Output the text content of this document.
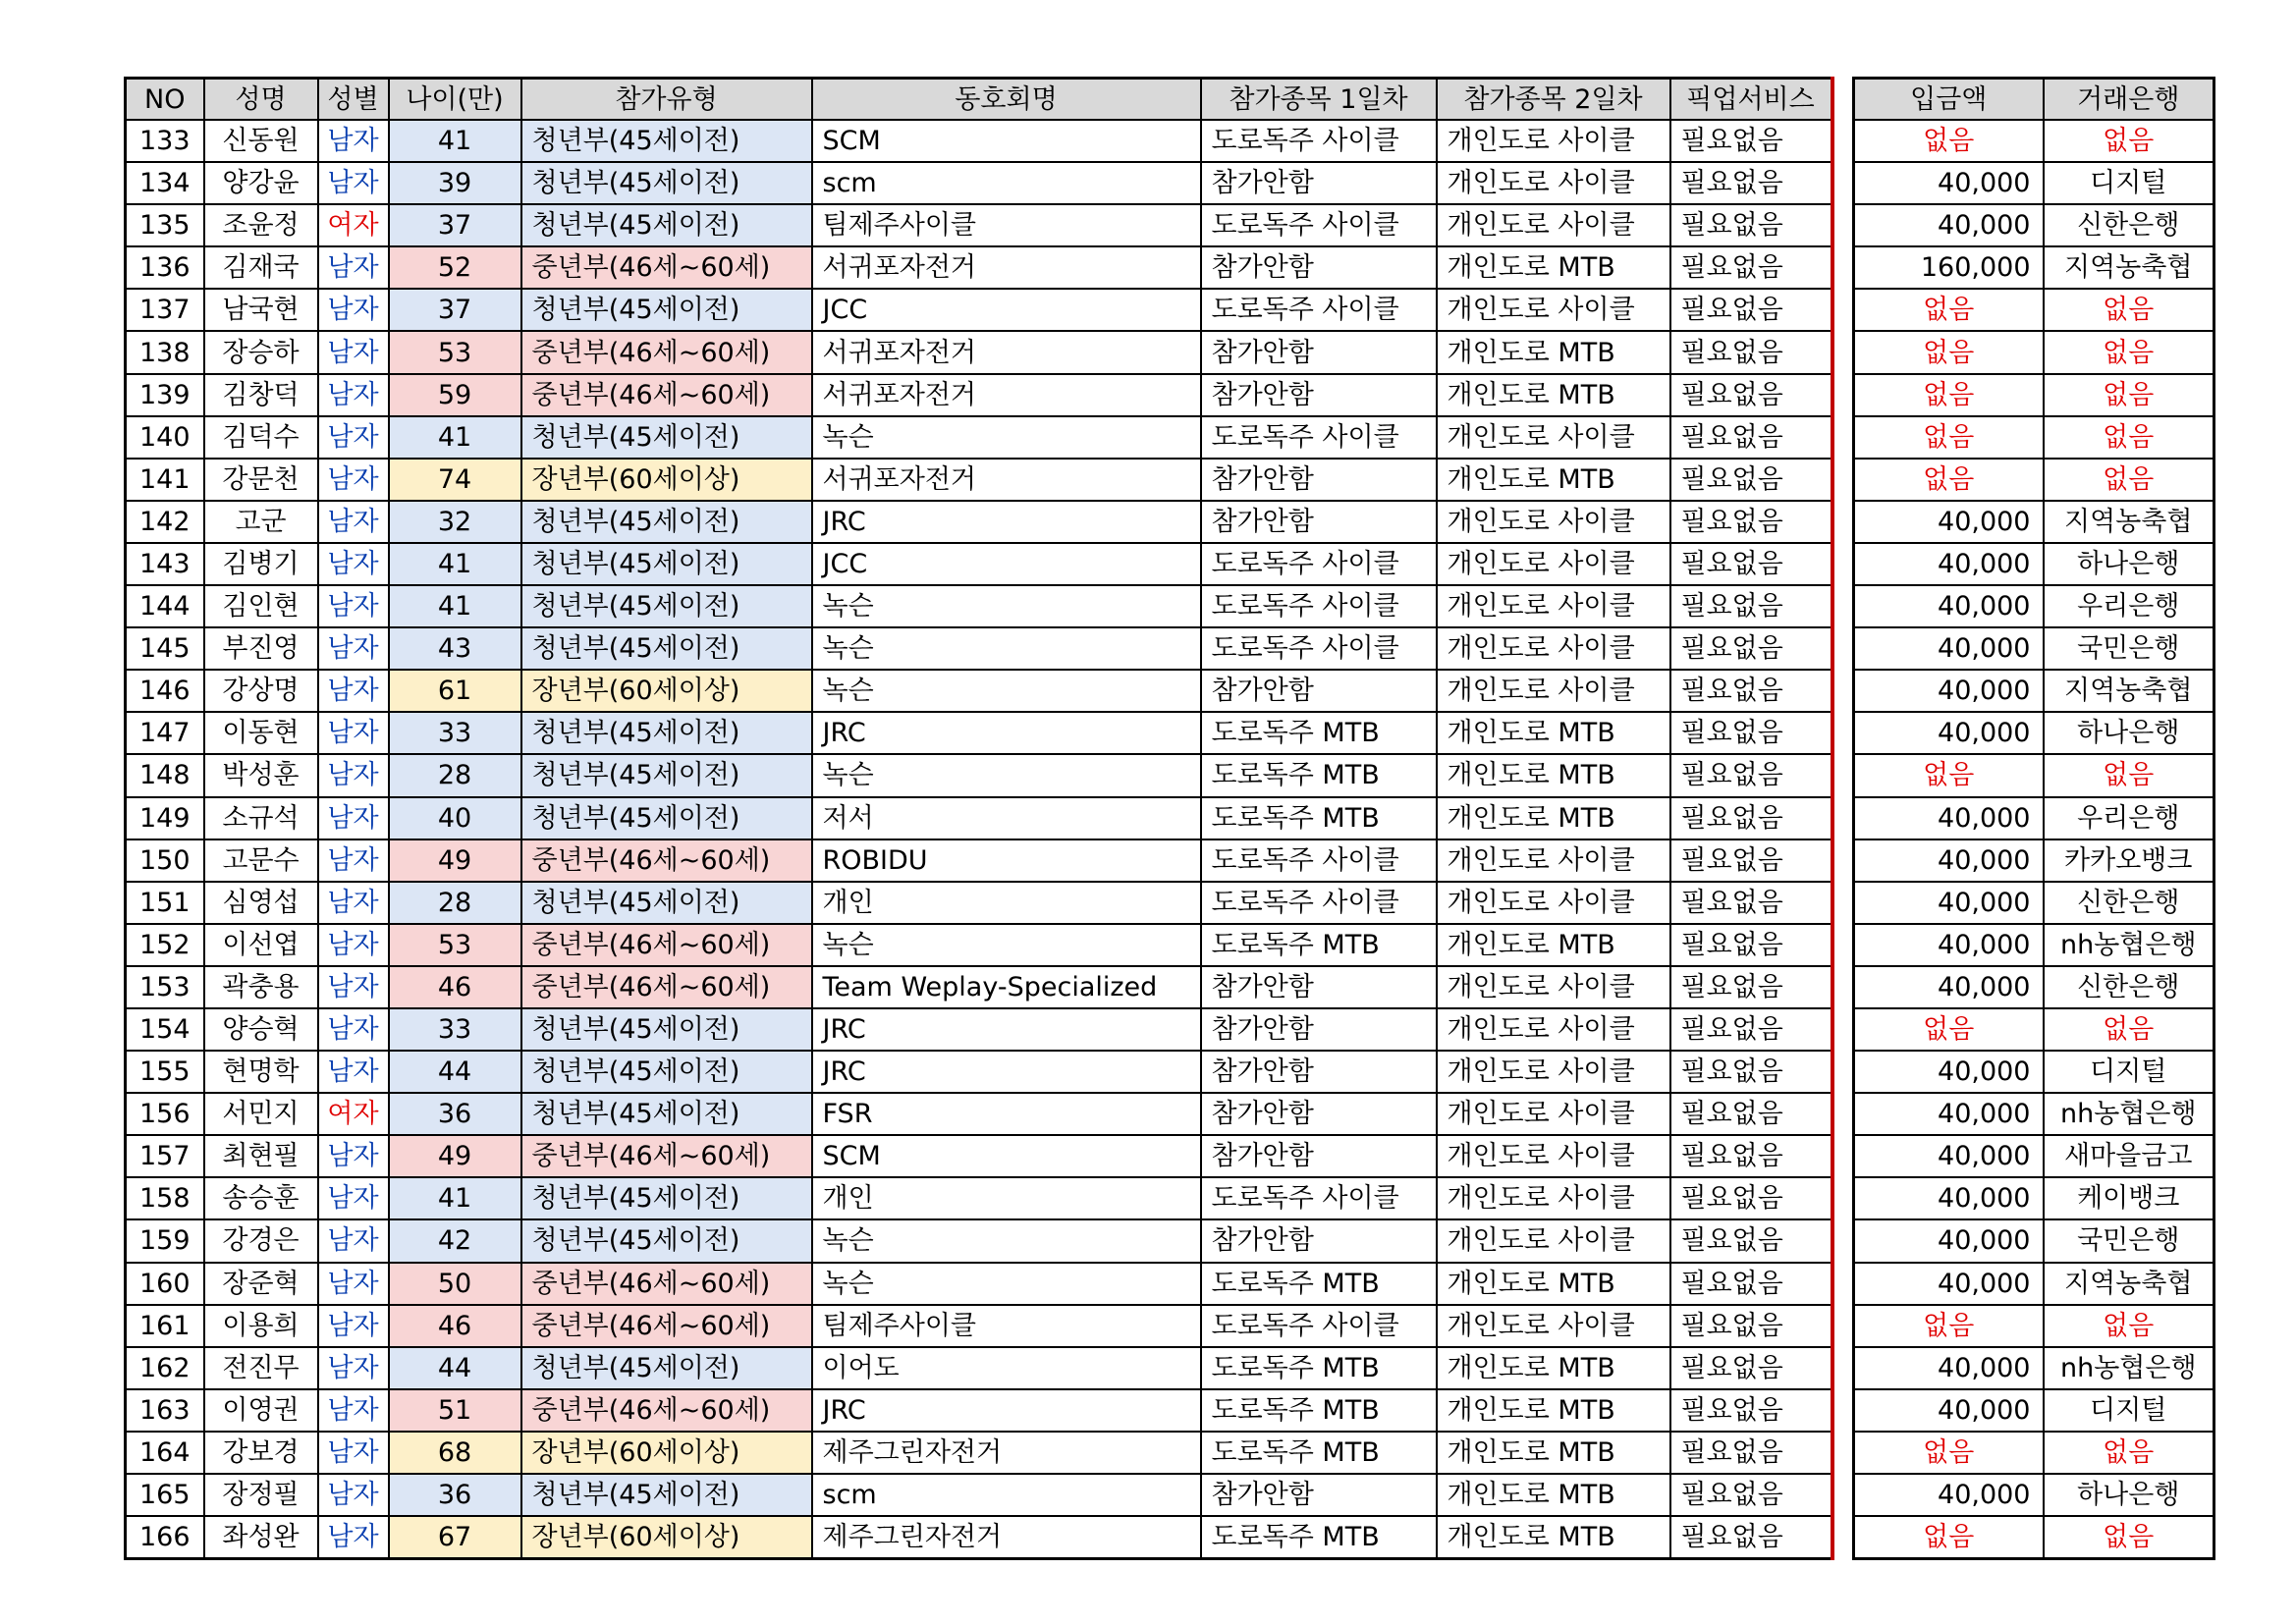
NO	성명	성별	나이(만)	참가유형	동호회명	참가종목 1일차	참가종목 2일차	픽업서비스
133	신동원	남자	41	청년부(45세이전)	SCM	도로독주 사이클	개인도로 사이클	필요없음
134	양강윤	남자	39	청년부(45세이전)	scm	참가안함	개인도로 사이클	필요없음
135	조윤정	여자	37	청년부(45세이전)	팀제주사이클	도로독주 사이클	개인도로 사이클	필요없음
136	김재국	남자	52	중년부(46세~60세)	서귀포자전거	참가안함	개인도로 MTB	필요없음
137	남국현	남자	37	청년부(45세이전)	JCC	도로독주 사이클	개인도로 사이클	필요없음
138	장승하	남자	53	중년부(46세~60세)	서귀포자전거	참가안함	개인도로 MTB	필요없음
139	김창덕	남자	59	중년부(46세~60세)	서귀포자전거	참가안함	개인도로 MTB	필요없음
140	김덕수	남자	41	청년부(45세이전)	녹슨	도로독주 사이클	개인도로 사이클	필요없음
141	강문천	남자	74	장년부(60세이상)	서귀포자전거	참가안함	개인도로 MTB	필요없음
142	고군	남자	32	청년부(45세이전)	JRC	참가안함	개인도로 사이클	필요없음
143	김병기	남자	41	청년부(45세이전)	JCC	도로독주 사이클	개인도로 사이클	필요없음
144	김인현	남자	41	청년부(45세이전)	녹슨	도로독주 사이클	개인도로 사이클	필요없음
145	부진영	남자	43	청년부(45세이전)	녹슨	도로독주 사이클	개인도로 사이클	필요없음
146	강상명	남자	61	장년부(60세이상)	녹슨	참가안함	개인도로 사이클	필요없음
147	이동현	남자	33	청년부(45세이전)	JRC	도로독주 MTB	개인도로 MTB	필요없음
148	박성훈	남자	28	청년부(45세이전)	녹슨	도로독주 MTB	개인도로 MTB	필요없음
149	소규석	남자	40	청년부(45세이전)	저서	도로독주 MTB	개인도로 MTB	필요없음
150	고문수	남자	49	중년부(46세~60세)	ROBIDU	도로독주 사이클	개인도로 사이클	필요없음
151	심영섭	남자	28	청년부(45세이전)	개인	도로독주 사이클	개인도로 사이클	필요없음
152	이선엽	남자	53	중년부(46세~60세)	녹슨	도로독주 MTB	개인도로 MTB	필요없음
153	곽충용	남자	46	중년부(46세~60세)	Team Weplay-Specialized	참가안함	개인도로 사이클	필요없음
154	양승혁	남자	33	청년부(45세이전)	JRC	참가안함	개인도로 사이클	필요없음
155	현명학	남자	44	청년부(45세이전)	JRC	참가안함	개인도로 사이클	필요없음
156	서민지	여자	36	청년부(45세이전)	FSR	참가안함	개인도로 사이클	필요없음
157	최현필	남자	49	중년부(46세~60세)	SCM	참가안함	개인도로 사이클	필요없음
158	송승훈	남자	41	청년부(45세이전)	개인	도로독주 사이클	개인도로 사이클	필요없음
159	강경은	남자	42	청년부(45세이전)	녹슨	참가안함	개인도로 사이클	필요없음
160	장준혁	남자	50	중년부(46세~60세)	녹슨	도로독주 MTB	개인도로 MTB	필요없음
161	이용희	남자	46	중년부(46세~60세)	팀제주사이클	도로독주 사이클	개인도로 사이클	필요없음
162	전진무	남자	44	청년부(45세이전)	이어도	도로독주 MTB	개인도로 MTB	필요없음
163	이영권	남자	51	중년부(46세~60세)	JRC	도로독주 MTB	개인도로 MTB	필요없음
164	강보경	남자	68	장년부(60세이상)	제주그린자전거	도로독주 MTB	개인도로 MTB	필요없음
165	장정필	남자	36	청년부(45세이전)	scm	참가안함	개인도로 MTB	필요없음
166	좌성완	남자	67	장년부(60세이상)	제주그린자전거	도로독주 MTB	개인도로 MTB	필요없음
입금액	거래은행
없음	없음
40,000	디지털
40,000	신한은행
160,000	지역농축협
없음	없음
없음	없음
없음	없음
없음	없음
없음	없음
40,000	지역농축협
40,000	하나은행
40,000	우리은행
40,000	국민은행
40,000	지역농축협
40,000	하나은행
없음	없음
40,000	우리은행
40,000	카카오뱅크
40,000	신한은행
40,000	nh농협은행
40,000	신한은행
없음	없음
40,000	디지털
40,000	nh농협은행
40,000	새마을금고
40,000	케이뱅크
40,000	국민은행
40,000	지역농축협
없음	없음
40,000	nh농협은행
40,000	디지털
없음	없음
40,000	하나은행
없음	없음
